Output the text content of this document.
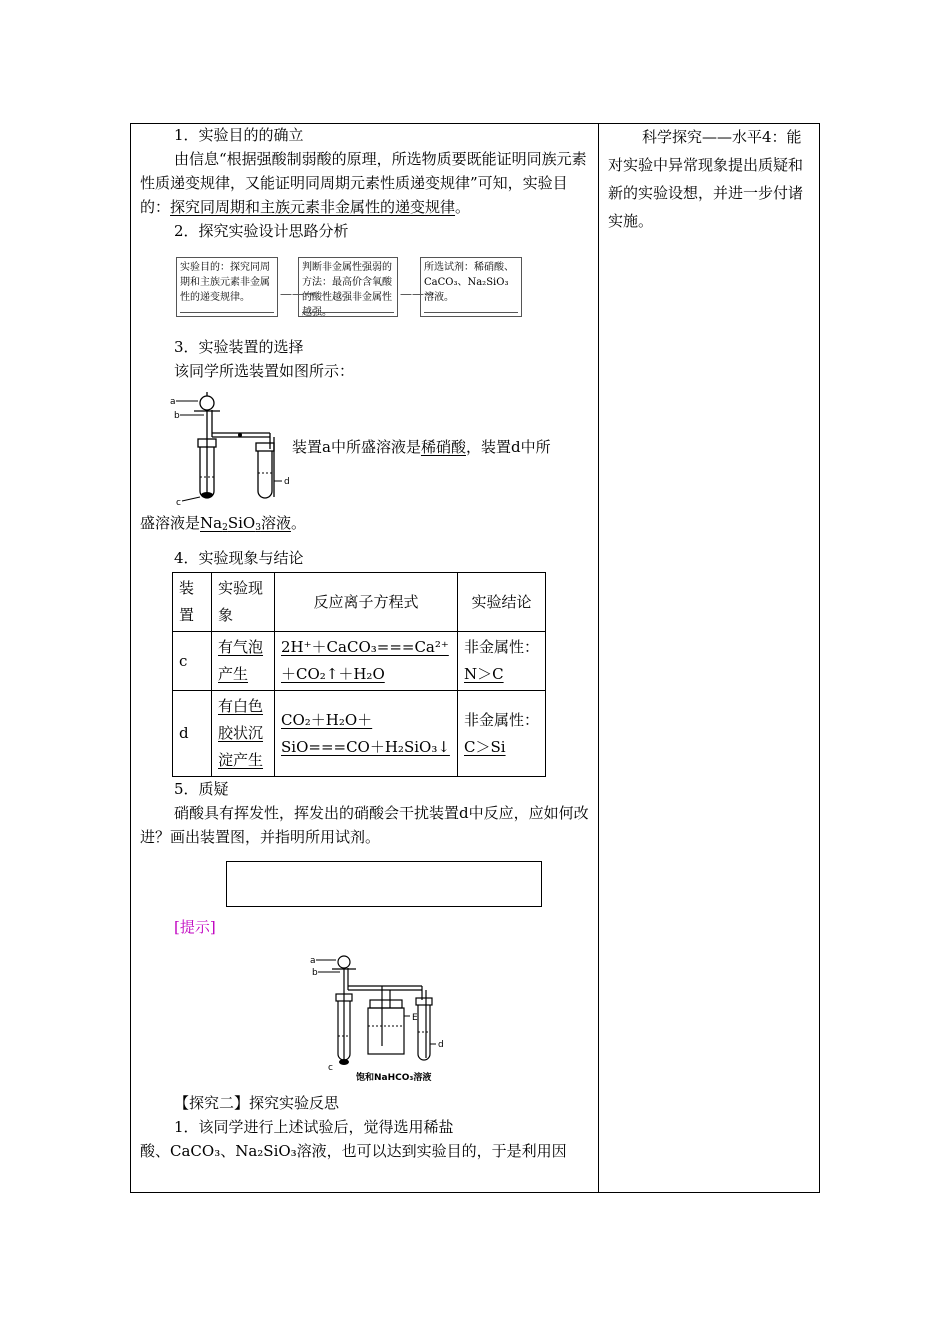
1．实验目的的确立

由信息“根据强酸制弱酸的原理，所选物质要既能证明同族元素性质递变规律，又能证明同周期元素性质递变规律”可知，实验目的：探究同周期和主族元素非金属性的递变规律。

2．探究实验设计思路分析

实验目的：探究同周期和主族元素非金属性的递变规律。	——→
判断非金属性强弱的方法：最高价含氧酸的酸性越强非金属性越强。
——→
所选试剂：稀硝酸、CaCO₃、Na₂SiO₃溶液。

3．实验装置的选择

该同学所选装置如图所示：

a
b
c
d
装置a中所盛溶液是稀硝酸，装置d中所

盛溶液是$Na_2SiO_3$溶液。

4．实验现象与结论

装置	实验现象	反应离子方程式	实验结论
c	有气泡产生	2H⁺＋CaCO₃===Ca²⁺＋CO₂↑＋H₂O	非金属性：N＞C
d	有白色胶状沉淀产生	CO₂＋H₂O＋SiO===CO＋H₂SiO₃↓	非金属性：C＞Si

5．质疑

硝酸具有挥发性，挥发出的硝酸会干扰装置d中反应，应如何改进？画出装置图，并指明所用试剂。

[提示]

a
b
c
E
d
饱和NaHCO₃溶液

【探究二】探究实验反思

1．该同学进行上述试验后，觉得选用稀盐

酸、CaCO₃、Na₂SiO₃溶液，也可以达到实验目的，于是利用因

科学探究——水平4：能对实验中异常现象提出质疑和新的实验设想，并进一步付诸实施。
